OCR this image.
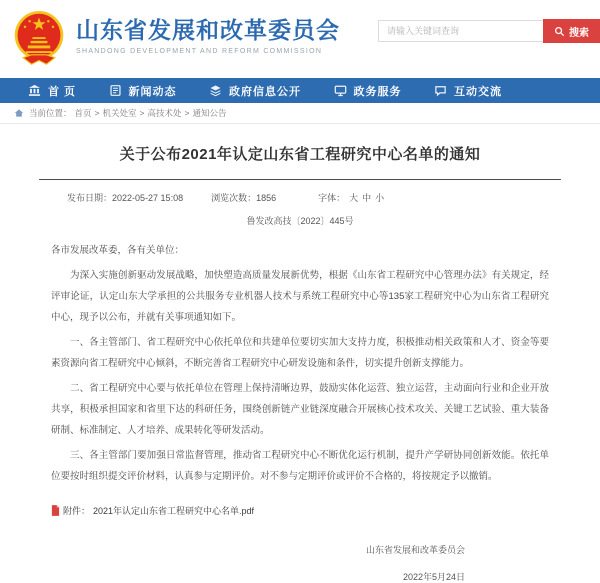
山东省发展和改革委员会
SHANDONG DEVELOPMENT AND REFORM COMMISSION
请输入关键词查询
搜索
首 页	新闻动态	政府信息公开	政务服务	互动交流
当前位置： 首页 > 机关处室 > 高技术处 > 通知公告
关于公布2021年认定山东省工程研究中心名单的通知
发布日期：2022-05-27 15:08	浏览次数：1856	字体： 大 中 小
鲁发改高技〔2022〕445号
各市发展改革委，各有关单位：
为深入实施创新驱动发展战略，加快塑造高质量发展新优势，根据《山东省工程研究中心管理办法》有关规定，经评审论证，认定山东大学承担的公共服务专业机器人技术与系统工程研究中心等135家工程研究中心为山东省工程研究中心，现予以公布，并就有关事项通知如下。
一、各主管部门、省工程研究中心依托单位和共建单位要切实加大支持力度，积极推动相关政策和人才、资金等要素资源向省工程研究中心倾斜，不断完善省工程研究中心研发设施和条件，切实提升创新支撑能力。
二、省工程研究中心要与依托单位在管理上保持清晰边界，鼓励实体化运营、独立运营，主动面向行业和企业开放共享，积极承担国家和省里下达的科研任务，围绕创新链产业链深度融合开展核心技术攻关、关键工艺试验、重大装备研制、标准制定、人才培养、成果转化等研发活动。
三、各主管部门要加强日常监督管理，推动省工程研究中心不断优化运行机制，提升产学研协同创新效能。依托单位要按时组织提交评价材料，认真参与定期评价。对不参与定期评价或评价不合格的，将按规定予以撤销。
附件： 2021年认定山东省工程研究中心名单.pdf
山东省发展和改革委员会
2022年5月24日
